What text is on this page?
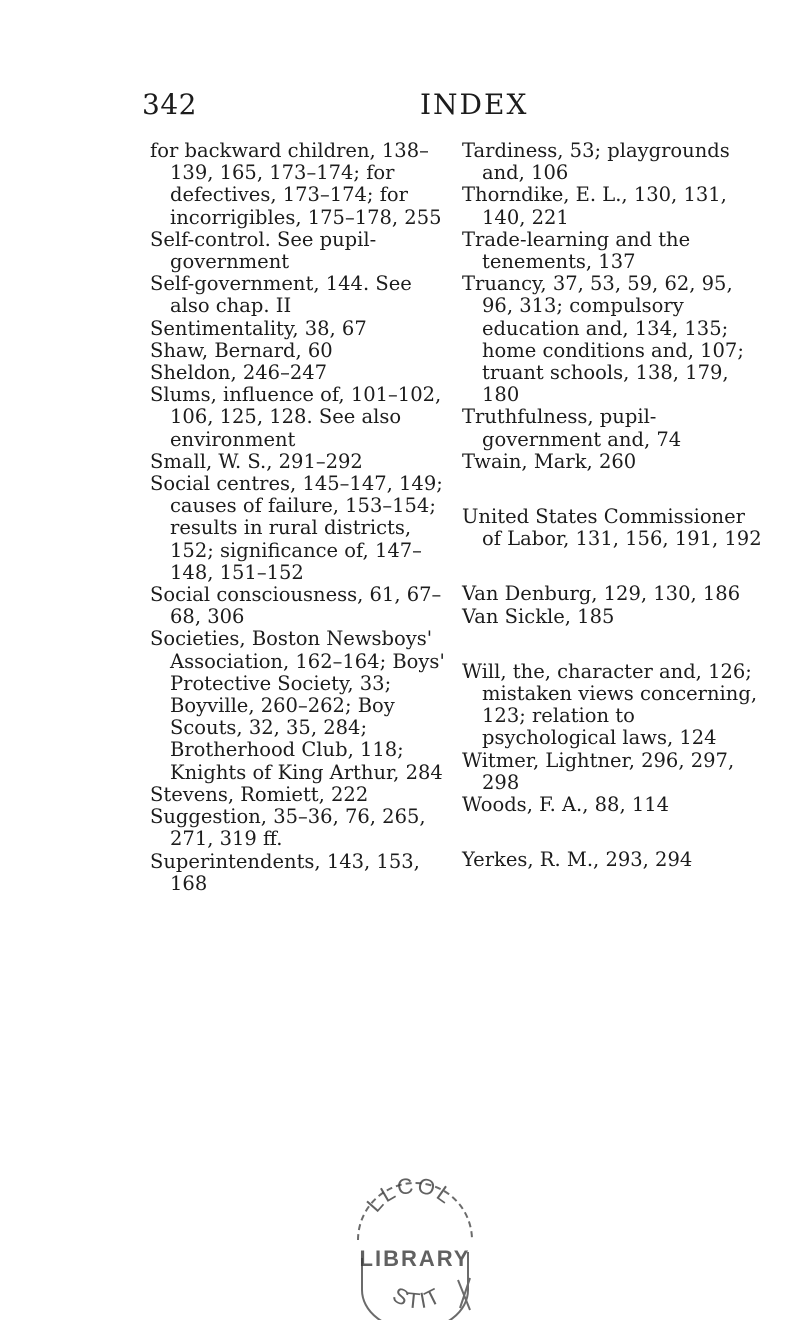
342	INDEX

for backward children, 138–139, 165, 173–174; for defectives, 173–174; for incorrigibles, 175–178, 255

Self-control. See pupil-government

Self-government, 144. See also chap. II

Sentimentality, 38, 67

Shaw, Bernard, 60

Sheldon, 246–247

Slums, influence of, 101–102, 106, 125, 128. See also environment

Small, W. S., 291–292

Social centres, 145–147, 149; causes of failure, 153–154; results in rural districts, 152; significance of, 147–148, 151–152

Social consciousness, 61, 67–68, 306

Societies, Boston Newsboys' Association, 162–164; Boys' Protective Society, 33; Boyville, 260–262; Boy Scouts, 32, 35, 284; Brotherhood Club, 118; Knights of King Arthur, 284

Stevens, Romiett, 222

Suggestion, 35–36, 76, 265, 271, 319 ff.

Superintendents, 143, 153, 168

Tardiness, 53; playgrounds and, 106

Thorndike, E. L., 130, 131, 140, 221

Trade-learning and the tenements, 137

Truancy, 37, 53, 59, 62, 95, 96, 313; compulsory education and, 134, 135; home conditions and, 107; truant schools, 138, 179, 180

Truthfulness, pupil-government and, 74

Twain, Mark, 260

United States Commissioner of Labor, 131, 156, 191, 192

Van Denburg, 129, 130, 186

Van Sickle, 185

Will, the, character and, 126; mistaken views concerning, 123; relation to psychological laws, 124

Witmer, Lightner, 296, 297, 298

Woods, F. A., 88, 114

Yerkes, R. M., 293, 294

LLCOL
LIBRARY
STIT
